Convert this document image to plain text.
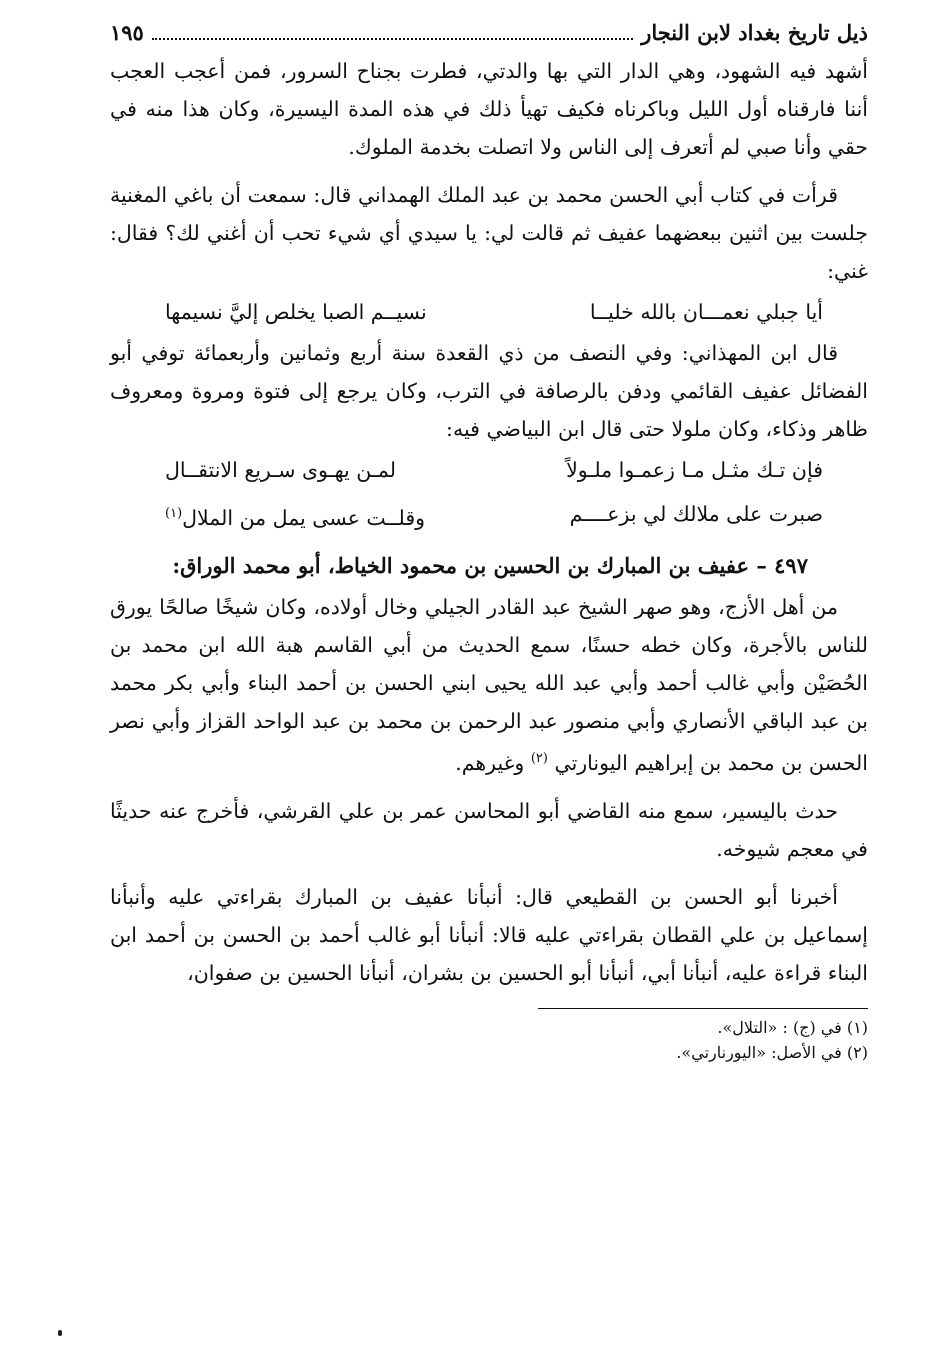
ذيل تاريخ بغداد لابن النجار
١٩٥

أشهد فيه الشهود، وهي الدار التي بها والدتي، فطرت بجناح السرور، فمن أعجب العجب أننا فارقناه أول الليل وباكرناه فكيف تهيأ ذلك في هذه المدة اليسيرة، وكان هذا منه في حقي وأنا صبي لم أتعرف إلى الناس ولا اتصلت بخدمة الملوك.

قرأت في كتاب أبي الحسن محمد بن عبد الملك الهمداني قال: سمعت أن باغي المغنية جلست بين اثنين ببعضهما عفيف ثم قالت لي: يا سيدي أي شيء تحب أن أغني لك؟ فقال: غني:

أيا جبلي نعمـــان بالله خليــا
نسيــم الصبا يخلص إليَّ نسيمها

قال ابن المهذاني: وفي النصف من ذي القعدة سنة أربع وثمانين وأربعمائة توفي أبو الفضائل عفيف القائمي ودفن بالرصافة في الترب، وكان يرجع إلى فتوة ومروة ومعروف ظاهر وذكاء، وكان ملولا حتى قال ابن البياضي فيه:

فإن تـك مثـل مـا زعمـوا ملـولاً
لمـن يهـوى سـريع الانتقــال
صبرت على ملالك لي بزعــــم
وقلــت عسى يمل من الملال$^{(١)}$
٤٩٧ – عفيف بن المبارك بن الحسين بن محمود الخياط، أبو محمد الوراق:

من أهل الأزج، وهو صهر الشيخ عبد القادر الجيلي وخال أولاده، وكان شيخًا صالحًا يورق للناس بالأجرة، وكان خطه حسنًا، سمع الحديث من أبي القاسم هبة الله ابن محمد بن الحُصَيْن وأبي غالب أحمد وأبي عبد الله يحيى ابني الحسن بن أحمد البناء وأبي بكر محمد بن عبد الباقي الأنصاري وأبي منصور عبد الرحمن بن محمد بن عبد الواحد القزاز وأبي نصر الحسن بن محمد بن إبراهيم اليونارتي $^{(٢)}$ وغيرهم.

حدث باليسير، سمع منه القاضي أبو المحاسن عمر بن علي القرشي، فأخرج عنه حديثًا في معجم شيوخه.

أخبرنا أبو الحسن بن القطيعي قال: أنبأنا عفيف بن المبارك بقراءتي عليه وأنبأنا إسماعيل بن علي القطان بقراءتي عليه قالا: أنبأنا أبو غالب أحمد بن الحسن بن أحمد ابن البناء قراءة عليه، أنبأنا أبي، أنبأنا أبو الحسين بن بشران، أنبأنا الحسين بن صفوان،

(١) في (ج) : «التلال».
(٢) في الأصل: «اليورنارتي».
